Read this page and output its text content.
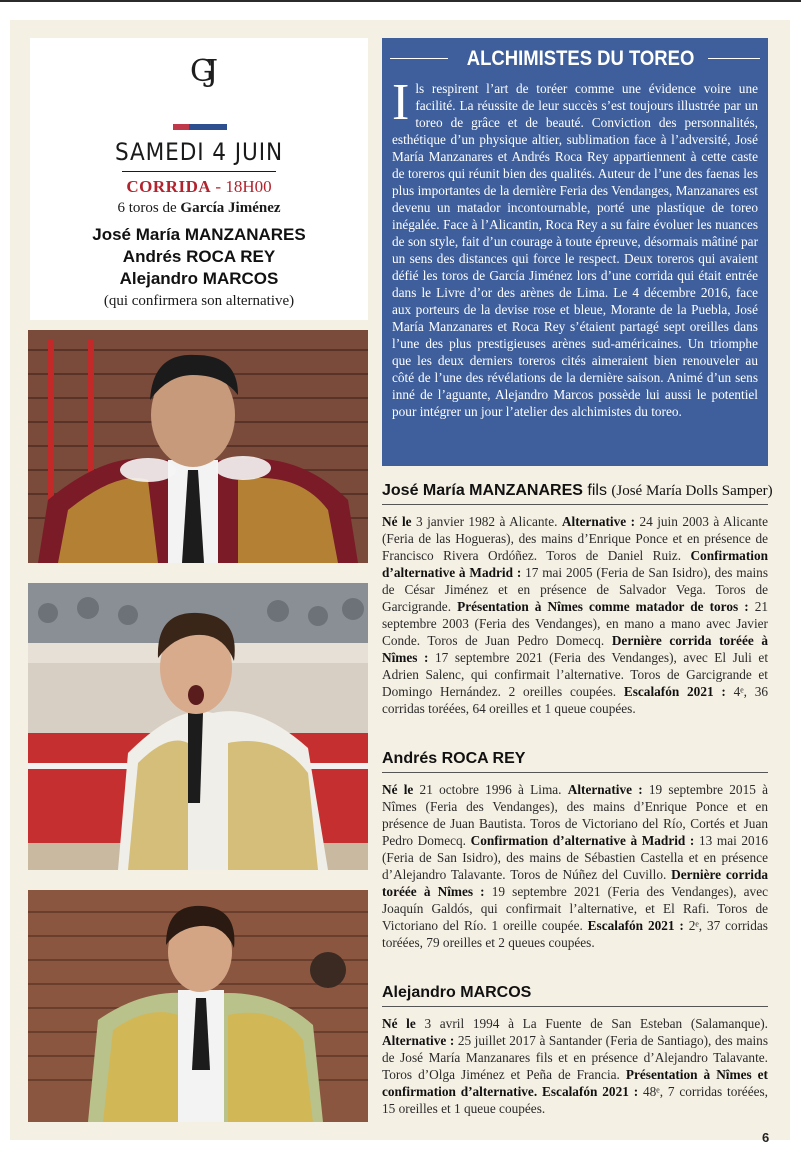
GJ
SAMEDI 4 JUIN
CORRIDA - 18H00
6 toros de García Jiménez
José María MANZANARES
Andrés ROCA REY
Alejandro MARCOS
(qui confirmera son alternative)
ALCHIMISTES DU TOREO
Ils respirent l’art de toréer comme une évidence voire une facilité. La réussite de leur succès s’est toujours illustrée par un toreo de grâce et de beauté. Conviction des personnalités, esthétique d’un physique altier, sublimation face à l’adversité, José María Manzanares et Andrés Roca Rey appartiennent à cette caste de toreros qui réunit bien des qualités. Auteur de l’une des faenas les plus importantes de la dernière Feria des Vendanges, Manzanares est devenu un matador incontournable, porté une plastique de toreo inégalée. Face à l’Alicantin, Roca Rey a su faire évoluer les nuances de son style, fait d’un courage à toute épreuve, désormais mâtiné par un sens des distances qui force le respect. Deux toreros qui avaient défié les toros de García Jiménez lors d’une corrida qui était entrée dans le Livre d’or des arènes de Lima. Le 4 décembre 2016, face aux porteurs de la devise rose et bleue, Morante de la Puebla, José María Manzanares et Roca Rey s’étaient partagé sept oreilles dans l’une des plus prestigieuses arènes sud-américaines. Un triomphe que les deux derniers toreros cités aimeraient bien renouveler au côté de l’une des révélations de la dernière saison. Animé d’un sens inné de l’aguante, Alejandro Marcos possède lui aussi le potentiel pour intégrer un jour l’atelier des alchimistes du toreo.
José María MANZANARES fils (José María Dolls Samper)
Né le 3 janvier 1982 à Alicante. Alternative : 24 juin 2003 à Alicante (Feria de las Hogueras), des mains d’Enrique Ponce et en présence de Francisco Rivera Ordóñez. Toros de Daniel Ruiz. Confirmation d’alternative à Madrid : 17 mai 2005 (Feria de San Isidro), des mains de César Jiménez et en présence de Salvador Vega. Toros de Garcigrande. Présentation à Nîmes comme matador de toros : 21 septembre 2003 (Feria des Vendanges), en mano a mano avec Javier Conde. Toros de Juan Pedro Domecq. Dernière corrida toréée à Nîmes : 17 septembre 2021 (Feria des Vendanges), avec El Juli et Adrien Salenc, qui confirmait l’alternative. Toros de Garcigrande et Domingo Hernández. 2 oreilles coupées. Escalafón 2021 : 4ᵉ, 36 corridas toréées, 64 oreilles et 1 queue coupées.
Andrés ROCA REY
Né le 21 octobre 1996 à Lima. Alternative : 19 septembre 2015 à Nîmes (Feria des Vendanges), des mains d’Enrique Ponce et en présence de Juan Bautista. Toros de Victoriano del Río, Cortés et Juan Pedro Domecq. Confirmation d’alternative à Madrid : 13 mai 2016 (Feria de San Isidro), des mains de Sébastien Castella et en présence d’Alejandro Talavante. Toros de Núñez del Cuvillo. Dernière corrida toréée à Nîmes : 19 septembre 2021 (Feria des Vendanges), avec Joaquín Galdós, qui confirmait l’alternative, et El Rafi. Toros de Victoriano del Río. 1 oreille coupée. Escalafón 2021 : 2ᵉ, 37 corridas toréées, 79 oreilles et 2 queues coupées.
Alejandro MARCOS
Né le 3 avril 1994 à La Fuente de San Esteban (Salamanque). Alternative : 25 juillet 2017 à Santander (Feria de Santiago), des mains de José María Manzanares fils et en présence d’Alejandro Talavante. Toros d’Olga Jiménez et Peña de Francia. Présentation à Nîmes et confirmation d’alternative. Escalafón 2021 : 48ᵉ, 7 corridas toréées, 15 oreilles et 1 queue coupées.
6
